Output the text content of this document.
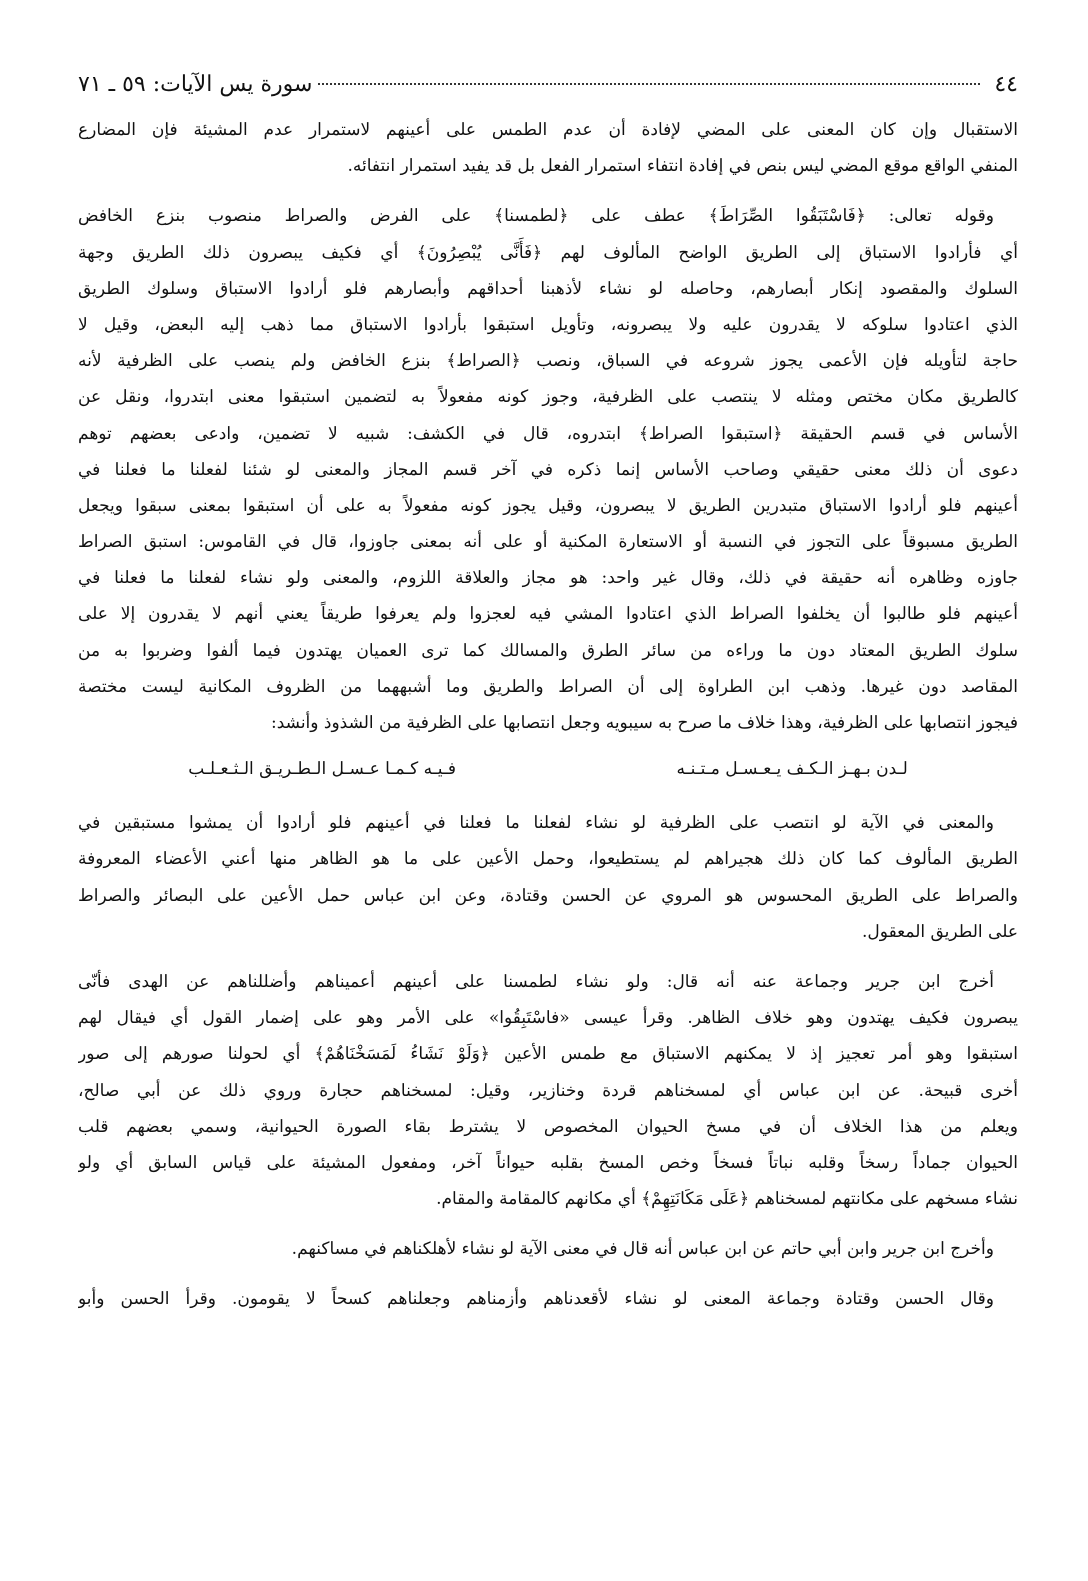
٤٤
سورة يس الآيات: ٥٩ ـ ٧١
الاستقبال وإن كان المعنى على المضي لإفادة أن عدم الطمس على أعينهم لاستمرار عدم المشيئة فإن المضارع
المنفي الواقع موقع المضي ليس بنص في إفادة انتفاء استمرار الفعل بل قد يفيد استمرار انتفائه.
وقوله تعالى: ﴿فَاسْتَبَقُوا الصِّرَاطَ﴾ عطف على ﴿لطمسنا﴾ على الفرض والصراط منصوب بنزع الخافض
أي فأرادوا الاستباق إلى الطريق الواضح المألوف لهم ﴿فَأَنَّى يُبْصِرُونَ﴾ أي فكيف يبصرون ذلك الطريق وجهة
السلوك والمقصود إنكار أبصارهم، وحاصله لو نشاء لأذهبنا أحداقهم وأبصارهم فلو أرادوا الاستباق وسلوك الطريق
الذي اعتادوا سلوكه لا يقدرون عليه ولا يبصرونه، وتأويل استبقوا بأرادوا الاستباق مما ذهب إليه البعض، وقيل لا
حاجة لتأويله فإن الأعمى يجوز شروعه في السباق، ونصب ﴿الصراط﴾ بنزع الخافض ولم ينصب على الظرفية لأنه
كالطريق مكان مختص ومثله لا ينتصب على الظرفية، وجوز كونه مفعولاً به لتضمين استبقوا معنى ابتدروا، ونقل عن
الأساس في قسم الحقيقة ﴿استبقوا الصراط﴾ ابتدروه، قال في الكشف: شبيه لا تضمين، وادعى بعضهم توهم
دعوى أن ذلك معنى حقيقي وصاحب الأساس إنما ذكره في آخر قسم المجاز والمعنى لو شئنا لفعلنا ما فعلنا في
أعينهم فلو أرادوا الاستباق متبدرين الطريق لا يبصرون، وقيل يجوز كونه مفعولاً به على أن استبقوا بمعنى سبقوا ويجعل
الطريق مسبوقاً على التجوز في النسبة أو الاستعارة المكنية أو على أنه بمعنى جاوزوا، قال في القاموس: استبق الصراط
جاوزه وظاهره أنه حقيقة في ذلك، وقال غير واحد: هو مجاز والعلاقة اللزوم، والمعنى ولو نشاء لفعلنا ما فعلنا في
أعينهم فلو طالبوا أن يخلفوا الصراط الذي اعتادوا المشي فيه لعجزوا ولم يعرفوا طريقاً يعني أنهم لا يقدرون إلا على
سلوك الطريق المعتاد دون ما وراءه من سائر الطرق والمسالك كما ترى العميان يهتدون فيما ألفوا وضربوا به من
المقاصد دون غيرها. وذهب ابن الطراوة إلى أن الصراط والطريق وما أشبههما من الظروف المكانية ليست مختصة
فيجوز انتصابها على الظرفية، وهذا خلاف ما صرح به سيبويه وجعل انتصابها على الظرفية من الشذوذ وأنشد:
لـدن بـهـز الـكـف يـعـسـل مـتـنـه
فـيـه كـمـا عـسـل الـطـريـق الـثـعـلـب
والمعنى في الآية لو انتصب على الظرفية لو نشاء لفعلنا ما فعلنا في أعينهم فلو أرادوا أن يمشوا مستبقين في
الطريق المألوف كما كان ذلك هجيراهم لم يستطيعوا، وحمل الأعين على ما هو الظاهر منها أعني الأعضاء المعروفة
والصراط على الطريق المحسوس هو المروي عن الحسن وقتادة، وعن ابن عباس حمل الأعين على البصائر والصراط
على الطريق المعقول.
أخرج ابن جرير وجماعة عنه أنه قال: ولو نشاء لطمسنا على أعينهم أعميناهم وأضللناهم عن الهدى فأنّى
يبصرون فكيف يهتدون وهو خلاف الظاهر. وقرأ عيسى «فاسْتَبِقُوا» على الأمر وهو على إضمار القول أي فيقال لهم
استبقوا وهو أمر تعجيز إذ لا يمكنهم الاستباق مع طمس الأعين ﴿وَلَوْ نَشَاءُ لَمَسَخْنَاهُمْ﴾ أي لحولنا صورهم إلى صور
أخرى قبيحة. عن ابن عباس أي لمسخناهم قردة وخنازير، وقيل: لمسخناهم حجارة وروي ذلك عن أبي صالح،
ويعلم من هذا الخلاف أن في مسخ الحيوان المخصوص لا يشترط بقاء الصورة الحيوانية، وسمي بعضهم قلب
الحيوان جماداً رسخاً وقلبه نباتاً فسخاً وخص المسخ بقلبه حيواناً آخر، ومفعول المشيئة على قياس السابق أي ولو
نشاء مسخهم على مكانتهم لمسخناهم ﴿عَلَى مَكَانَتِهِمْ﴾ أي مكانهم كالمقامة والمقام.
وأخرج ابن جرير وابن أبي حاتم عن ابن عباس أنه قال في معنى الآية لو نشاء لأهلكناهم في مساكنهم.
وقال الحسن وقتادة وجماعة المعنى لو نشاء لأقعدناهم وأزمناهم وجعلناهم كسحاً لا يقومون. وقرأ الحسن وأبو
